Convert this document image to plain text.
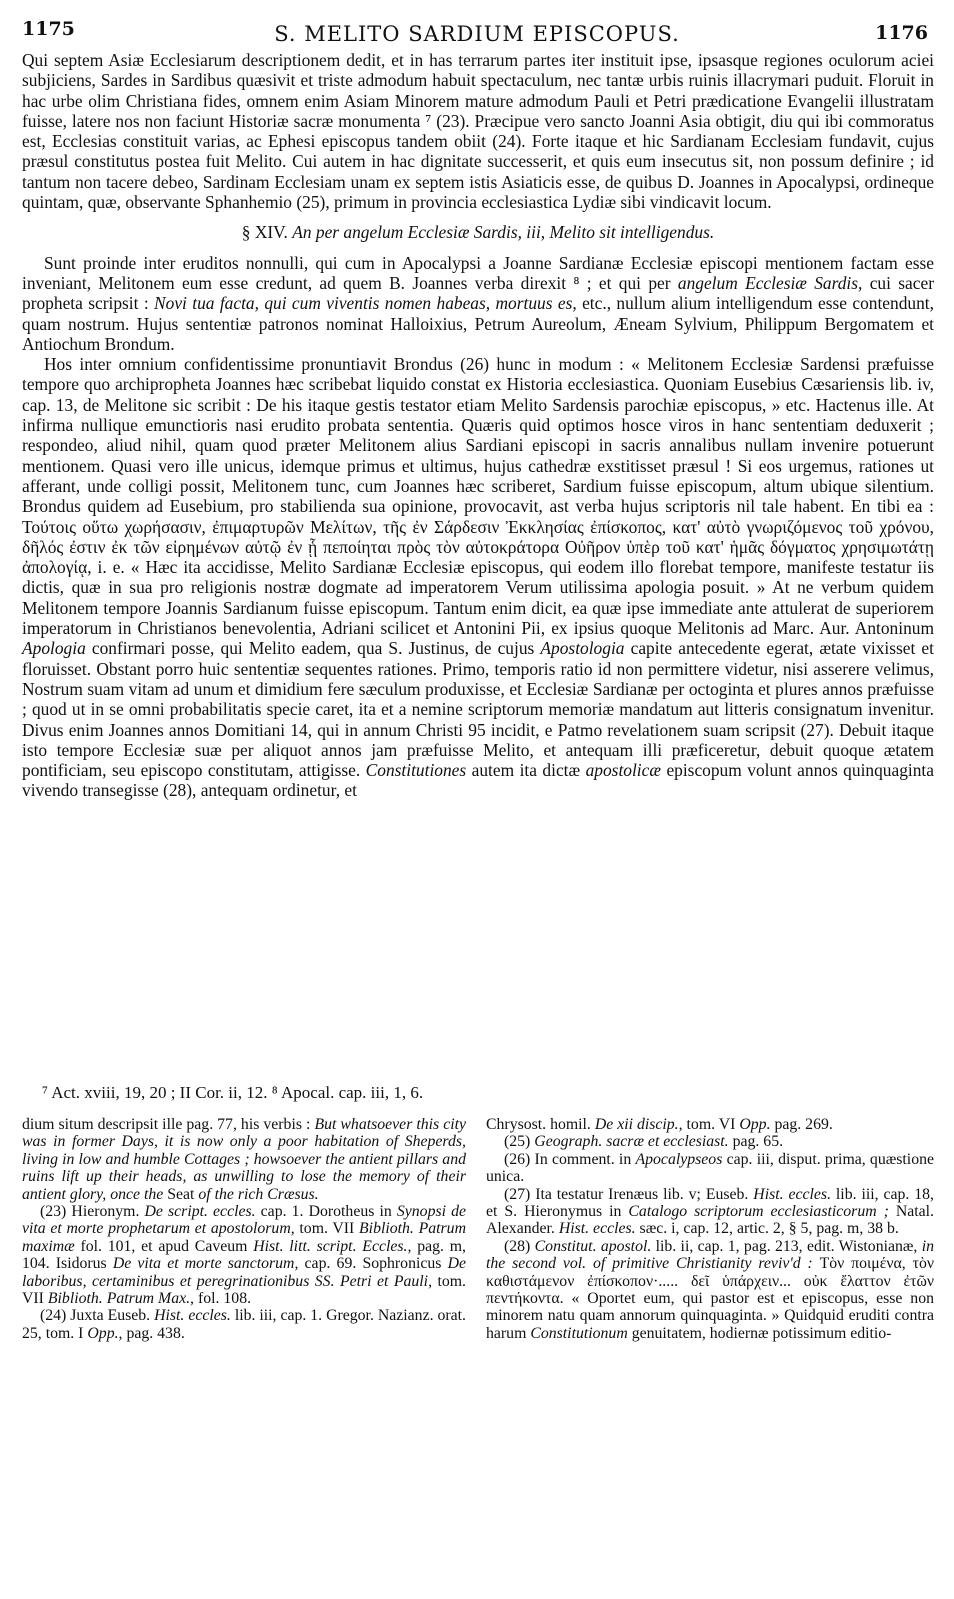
1175	S. MELITO SARDIUM EPISCOPUS.	1176

Qui septem Asiæ Ecclesiarum descriptionem dedit, et in has terrarum partes iter instituit ipse, ipsasque regiones oculorum aciei subjiciens, Sardes in Sardibus quæsivit et triste admodum habuit spectaculum, nec tantæ urbis ruinis illacrymari puduit. Floruit in hac urbe olim Christiana fides, omnem enim Asiam Minorem mature admodum Pauli et Petri prædicatione Evangelii illustratam fuisse, latere nos non faciunt Historiæ sacræ monumenta ⁷ (23). Præcipue vero sancto Joanni Asia obtigit, diu qui ibi commoratus est, Ecclesias constituit varias, ac Ephesi episcopus tandem obiit (24). Forte itaque et hic Sardianam Ecclesiam fundavit, cujus præsul constitutus postea fuit Melito. Cui autem in hac dignitate successerit, et quis eum insecutus sit, non possum definire ; id tantum non tacere debeo, Sardinam Ecclesiam unam ex septem istis Asiaticis esse, de quibus D. Joannes in Apocalypsi, ordineque quintam, quæ, observante Sphanhemio (25), primum in provincia ecclesiastica Lydiæ sibi vindicavit locum.

§ XIV. An per angelum Ecclesiæ Sardis, iii, Melito sit intelligendus.

Sunt proinde inter eruditos nonnulli, qui cum in Apocalypsi a Joanne Sardianæ Ecclesiæ episcopi mentionem factam esse inveniant, Melitonem eum esse credunt, ad quem B. Joannes verba direxit ⁸ ; et qui per angelum Ecclesiæ Sardis, cui sacer propheta scripsit : Novi tua facta, qui cum viventis nomen habeas, mortuus es, etc., nullum alium intelligendum esse contendunt, quam nostrum. Hujus sententiæ patronos nominat Halloixius, Petrum Aureolum, Æneam Sylvium, Philippum Bergomatem et Antiochum Brondum.

Hos inter omnium confidentissime pronuntiavit Brondus (26) hunc in modum : « Melitonem Ecclesiæ Sardensi præfuisse tempore quo archipropheta Joannes hæc scribebat liquido constat ex Historia ecclesiastica. Quoniam Eusebius Cæsariensis lib. iv, cap. 13, de Melitone sic scribit : De his itaque gestis testator etiam Melito Sardensis parochiæ episcopus, » etc. Hactenus ille. At infirma nullique emunctioris nasi erudito probata sententia. Quæris quid optimos hosce viros in hanc sententiam deduxerit ; respondeo, aliud nihil, quam quod præter Melitonem alius Sardiani episcopi in sacris annalibus nullam invenire potuerunt mentionem. Quasi vero ille unicus, idemque primus et ultimus, hujus cathedræ exstitisset præsul ! Si eos urgemus, rationes ut afferant, unde colligi possit, Melitonem tunc, cum Joannes hæc scriberet, Sardium fuisse episcopum, altum ubique silentium. Brondus quidem ad Eusebium, pro stabilienda sua opinione, provocavit, ast verba hujus scriptoris nil tale habent. En tibi ea : Τούτοις οὕτω χωρήσασιν, ἐπιμαρτυρῶν Μελίτων, τῆς ἐν Σάρδεσιν Ἐκκλησίας ἐπίσκοπος, κατ' αὐτὸ γνωριζόμενος τοῦ χρόνου, δῆλός ἐστιν ἐκ τῶν εἰρημένων αὐτῷ ἐν ᾗ πεποίηται πρὸς τὸν αὐτοκράτορα Οὐῆρον ὑπὲρ τοῦ κατ' ἡμᾶς δόγματος χρησιμωτάτῃ ἀπολογίᾳ, i. e. « Hæc ita accidisse, Melito Sardianæ Ecclesiæ episcopus, qui eodem illo florebat tempore, manifeste testatur iis dictis, quæ in sua pro religionis nostræ dogmate ad imperatorem Verum utilissima apologia posuit. » At ne verbum quidem Melitonem tempore Joannis Sardianum fuisse episcopum. Tantum enim dicit, ea quæ ipse immediate ante attulerat de superiorem imperatorum in Christianos benevolentia, Adriani scilicet et Antonini Pii, ex ipsius quoque Melitonis ad Marc. Aur. Antoninum Apologia confirmari posse, qui Melito eadem, qua S. Justinus, de cujus Apostologia capite antecedente egerat, ætate vixisset et floruisset. Obstant porro huic sententiæ sequentes rationes. Primo, temporis ratio id non permittere videtur, nisi asserere velimus, Nostrum suam vitam ad unum et dimidium fere sæculum produxisse, et Ecclesiæ Sardianæ per octoginta et plures annos præfuisse ; quod ut in se omni probabilitatis specie caret, ita et a nemine scriptorum memoriæ mandatum aut litteris consignatum invenitur. Divus enim Joannes annos Domitiani 14, qui in annum Christi 95 incidit, e Patmo revelationem suam scripsit (27). Debuit itaque isto tempore Ecclesiæ suæ per aliquot annos jam præfuisse Melito, et antequam illi præficeretur, debuit quoque ætatem pontificiam, seu episcopo constitutam, attigisse. Constitutiones autem ita dictæ apostolicæ episcopum volunt annos quinquaginta vivendo transegisse (28), antequam ordinetur, et

⁷ Act. xviii, 19, 20 ; II Cor. ii, 12. ⁸ Apocal. cap. iii, 1, 6.

dium situm descripsit ille pag. 77, his verbis : But whatsoever this city was in former Days, it is now only a poor habitation of Sheperds, living in low and humble Cottages ; howsoever the antient pillars and ruins lift up their heads, as unwilling to lose the memory of their antient glory, once the Seat of the rich Cræsus.

(23) Hieronym. De script. eccles. cap. 1. Dorotheus in Synopsi de vita et morte prophetarum et apostolorum, tom. VII Biblioth. Patrum maximæ fol. 101, et apud Caveum Hist. litt. script. Eccles., pag. m, 104. Isidorus De vita et morte sanctorum, cap. 69. Sophronicus De laboribus, certaminibus et peregrinationibus SS. Petri et Pauli, tom. VII Biblioth. Patrum Max., fol. 108.

(24) Juxta Euseb. Hist. eccles. lib. iii, cap. 1. Gregor. Nazianz. orat. 25, tom. I Opp., pag. 438.

Chrysost. homil. De xii discip., tom. VI Opp. pag. 269.

(25) Geograph. sacræ et ecclesiast. pag. 65.

(26) In comment. in Apocalypseos cap. iii, disput. prima, quæstione unica.

(27) Ita testatur Irenæus lib. v; Euseb. Hist. eccles. lib. iii, cap. 18, et S. Hieronymus in Catalogo scriptorum ecclesiasticorum ; Natal. Alexander. Hist. eccles. sæc. i, cap. 12, artic. 2, § 5, pag. m, 38 b.

(28) Constitut. apostol. lib. ii, cap. 1, pag. 213, edit. Wistonianæ, in the second vol. of primitive Christianity reviv'd : Τὸν ποιμένα, τὸν καθιστάμενον ἐπίσκοπον·..... δεῖ ὑπάρχειν... οὐκ ἔλαττον ἐτῶν πεντήκοντα. « Oportet eum, qui pastor est et episcopus, esse non minorem natu quam annorum quinquaginta. » Quidquid eruditi contra harum Constitutionum genuitatem, hodiernæ potissimum editio-
